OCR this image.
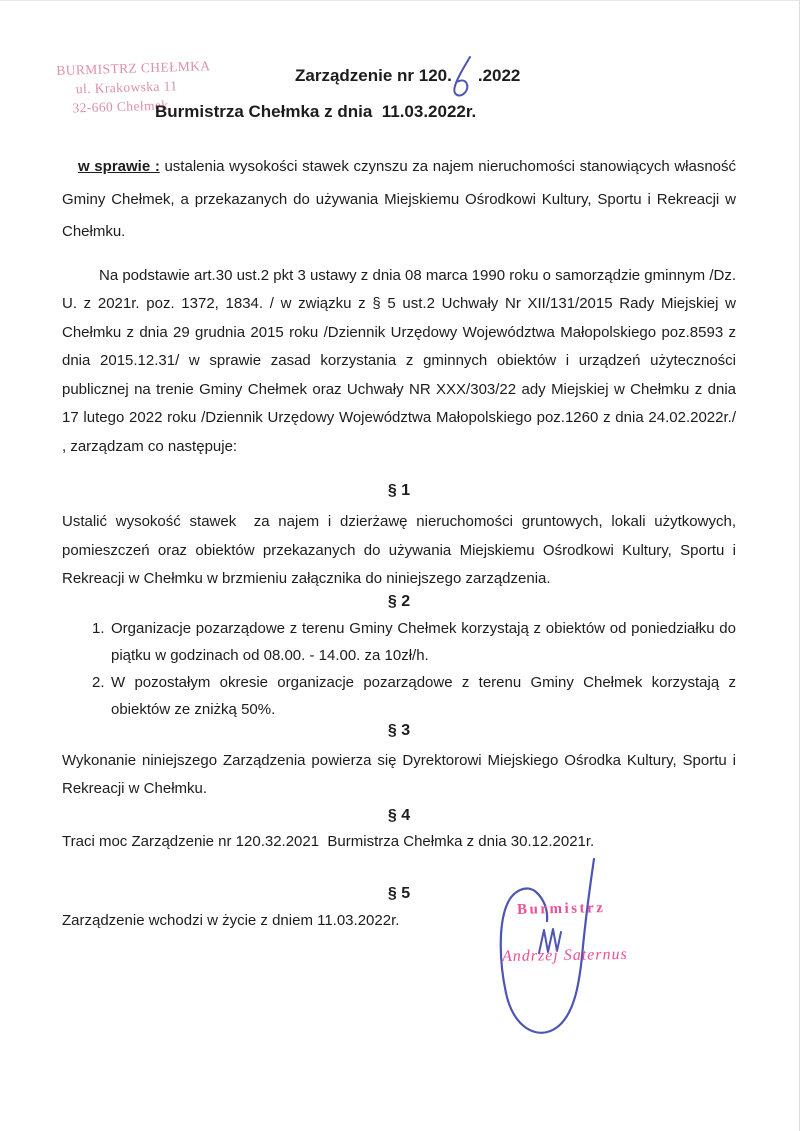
BURMISTRZ CHEŁMKA
ul. Krakowska 11
32-660 Chełmek
Zarządzenie nr 120. .2022
Burmistrza Chełmka z dnia  11.03.2022r.

w sprawie : ustalenia wysokości stawek czynszu za najem nieruchomości stanowiących własność Gminy Chełmek, a przekazanych do używania Miejskiemu Ośrodkowi Kultury, Sportu i Rekreacji w Chełmku.

Na podstawie art.30 ust.2 pkt 3 ustawy z dnia 08 marca 1990 roku o samorządzie gminnym /Dz. U. z 2021r. poz. 1372, 1834. / w związku z § 5 ust.2 Uchwały Nr XII/131/2015 Rady Miejskiej w Chełmku z dnia 29 grudnia 2015 roku /Dziennik Urzędowy Województwa Małopolskiego poz.8593 z dnia 2015.12.31/ w sprawie zasad korzystania z gminnych obiektów i urządzeń użyteczności publicznej na trenie Gminy Chełmek oraz Uchwały NR XXX/303/22 ady Miejskiej w Chełmku z dnia 17 lutego 2022 roku /Dziennik Urzędowy Województwa Małopolskiego poz.1260 z dnia 24.02.2022r./ , zarządzam co następuje:

§ 1

Ustalić wysokość stawek  za najem i dzierżawę nieruchomości gruntowych, lokali użytkowych, pomieszczeń oraz obiektów przekazanych do używania Miejskiemu Ośrodkowi Kultury, Sportu i Rekreacji w Chełmku w brzmieniu załącznika do niniejszego zarządzenia.

§ 2
1. Organizacje pozarządowe z terenu Gminy Chełmek korzystają z obiektów od poniedziałku do piątku w godzinach od 08.00. - 14.00. za 10zł/h.
2. W pozostałym okresie organizacje pozarządowe z terenu Gminy Chełmek korzystają z obiektów ze zniżką 50%.
§ 3

Wykonanie niniejszego Zarządzenia powierza się Dyrektorowi Miejskiego Ośrodka Kultury, Sportu i Rekreacji w Chełmku.

§ 4

Traci moc Zarządzenie nr 120.32.2021  Burmistrza Chełmka z dnia 30.12.2021r.

§ 5

Zarządzenie wchodzi w życie z dniem 11.03.2022r.

Burmistrz
Andrzej Saternus
